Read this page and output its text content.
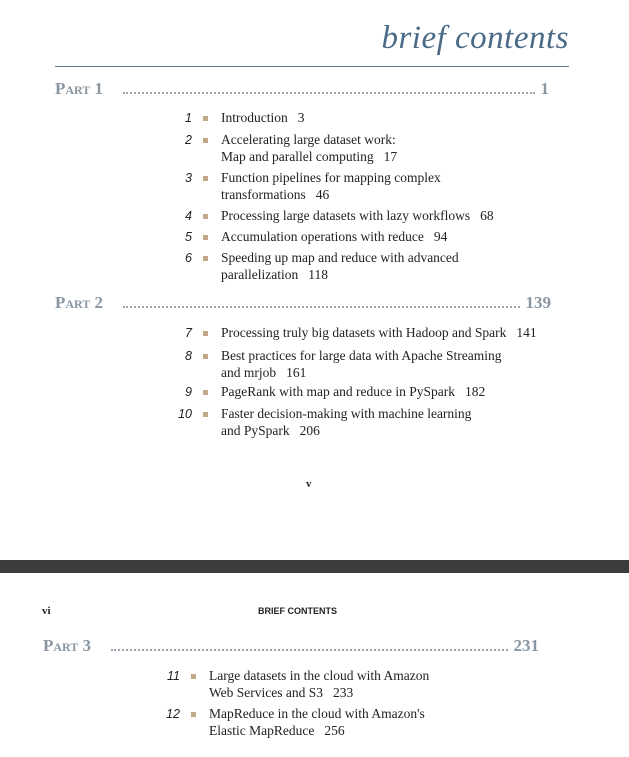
brief contents
Part 1	1
1 Introduction 3
2 Accelerating large dataset work:
Map and parallel computing 17
3 Function pipelines for mapping complex
transformations 46
4 Processing large datasets with lazy workflows 68
5 Accumulation operations with reduce 94
6 Speeding up map and reduce with advanced
parallelization 118
Part 2	139
7 Processing truly big datasets with Hadoop and Spark 141
8 Best practices for large data with Apache Streaming
and mrjob 161
9 PageRank with map and reduce in PySpark 182
10 Faster decision-making with machine learning
and PySpark 206
v
vi	BRIEF CONTENTS
Part 3	231
11 Large datasets in the cloud with Amazon
Web Services and S3 233
12 MapReduce in the cloud with Amazon's
Elastic MapReduce 256
